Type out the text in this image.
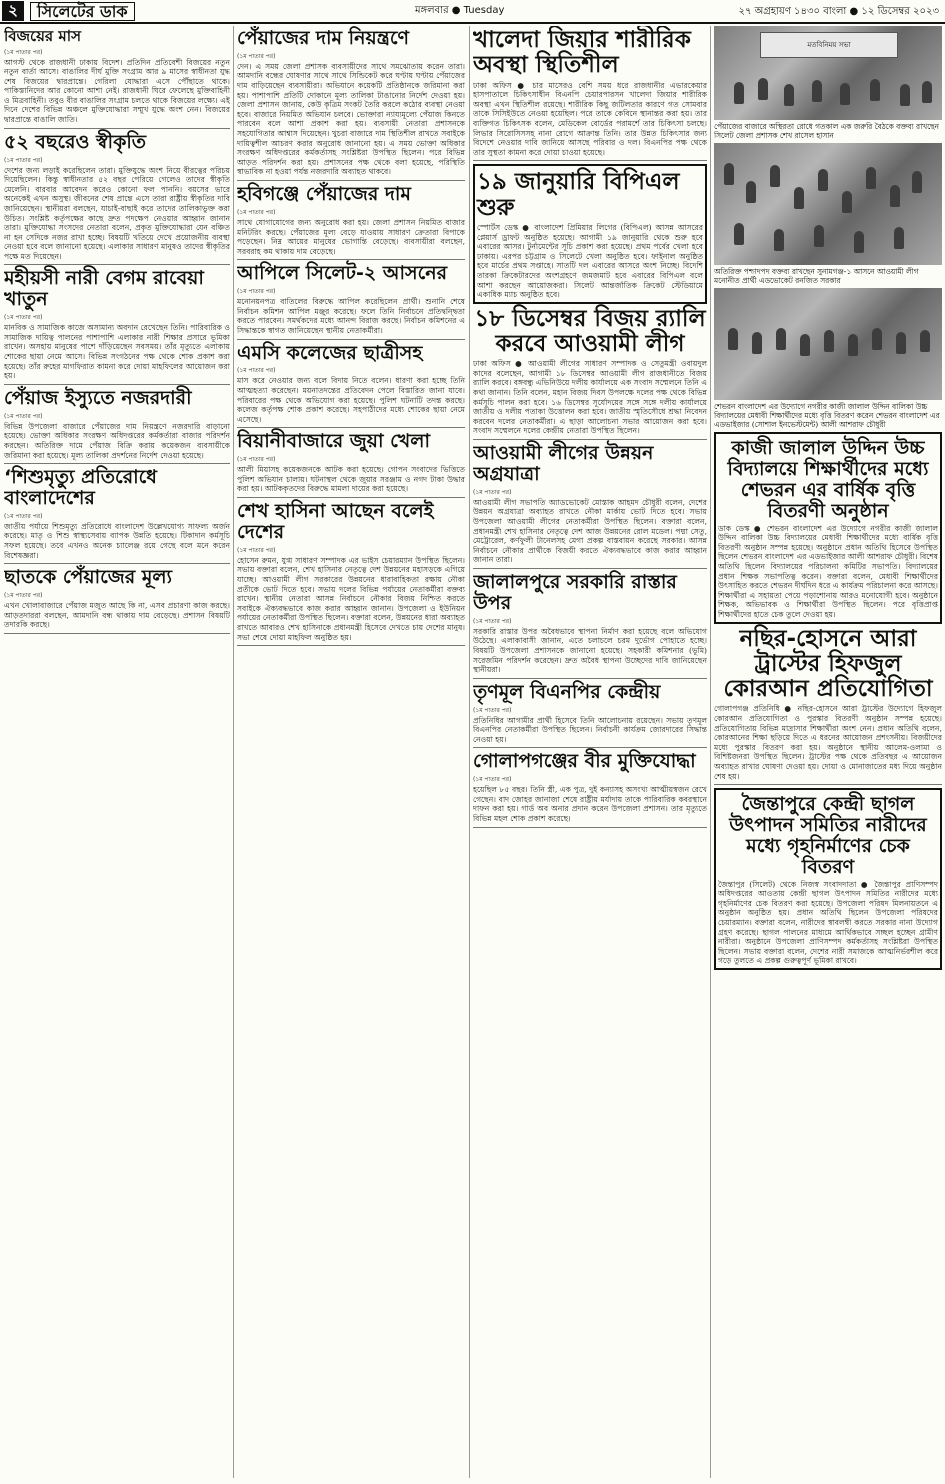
২	সিলেটের ডাক	মঙ্গলবার ● Tuesday	২৭ অগ্রহায়ণ ১৪৩০ বাংলা ● ১২ ডিসেম্বর ২০২৩
বিজয়ের মাস

(১ম পাতার পর)

আগস্ট থেকে রাজধানী ঢাকায় বিদেশ। প্রতিদিন প্রতিবেশী বিজয়ের নতুন নতুন বার্তা আসে। বাঙালির দীর্ঘ মুক্তি সংগ্রাম আর ৯ মাসের স্বাধীনতা যুদ্ধ শেষ বিজয়ের দ্বারপ্রান্তে। গেরিলা যোদ্ধারা এসে পৌঁছাতে থাকে। পাকিস্তানিদের আর কোনো আশা নেই। রাজধানী ঘিরে ফেলেছে মুক্তিবাহিনী ও মিত্রবাহিনী। তবুও বীর বাঙালির সংগ্রাম চলতে থাকে বিজয়ের লক্ষ্যে। এই দিনে দেশের বিভিন্ন অঞ্চলে মুক্তিযোদ্ধারা সম্মুখ যুদ্ধে অংশ নেন। বিজয়ের দ্বারপ্রান্তে বাঙালি জাতি।

৫২ বছরেও স্বীকৃতি

(১ম পাতার পর)

দেশের জন্য লড়াই করেছিলেন তারা। মুক্তিযুদ্ধে অংশ নিয়ে বীরত্বের পরিচয় দিয়েছিলেন। কিন্তু স্বাধীনতার ৫২ বছর পেরিয়ে গেলেও তাদের স্বীকৃতি মেলেনি। বারবার আবেদন করেও কোনো ফল পাননি। বয়সের ভারে অনেকেই এখন অসুস্থ। জীবনের শেষ প্রান্তে এসে তারা রাষ্ট্রীয় স্বীকৃতির দাবি জানিয়েছেন। স্থানীয়রা বলছেন, যাচাই-বাছাই করে তাদের তালিকাভুক্ত করা উচিত। সংশ্লিষ্ট কর্তৃপক্ষের কাছে দ্রুত পদক্ষেপ নেওয়ার আহ্বান জানান তারা। মুক্তিযোদ্ধা সংসদের নেতারা বলেন, প্রকৃত মুক্তিযোদ্ধারা যেন বঞ্চিত না হন সেদিকে নজর রাখা হচ্ছে। বিষয়টি খতিয়ে দেখে প্রয়োজনীয় ব্যবস্থা নেওয়া হবে বলে জানানো হয়েছে। এলাকার সাধারণ মানুষও তাদের স্বীকৃতির পক্ষে মত দিয়েছেন।

মহীয়সী নারী বেগম রাবেয়া খাতুন

(১ম পাতার পর)

মানবিক ও সামাজিক কাজে অসামান্য অবদান রেখেছেন তিনি। পারিবারিক ও সামাজিক দায়িত্ব পালনের পাশাপাশি এলাকার নারী শিক্ষার প্রসারে ভূমিকা রাখেন। অসহায় মানুষের পাশে দাঁড়িয়েছেন সবসময়। তাঁর মৃত্যুতে এলাকায় শোকের ছায়া নেমে আসে। বিভিন্ন সংগঠনের পক্ষ থেকে শোক প্রকাশ করা হয়েছে। তাঁর রুহের মাগফিরাত কামনা করে দোয়া মাহফিলের আয়োজন করা হয়।

পেঁয়াজ ইস্যুতে নজরদারী

(১ম পাতার পর)

বিভিন্ন উপজেলা বাজারে পেঁয়াজের দাম নিয়ন্ত্রণে নজরদারি বাড়ানো হয়েছে। ভোক্তা অধিকার সংরক্ষণ অধিদপ্তরের কর্মকর্তারা বাজার পরিদর্শন করছেন। অতিরিক্ত দামে পেঁয়াজ বিক্রি করায় কয়েকজন ব্যবসায়ীকে জরিমানা করা হয়েছে। মূল্য তালিকা প্রদর্শনের নির্দেশ দেওয়া হয়েছে।

‘শিশুমৃত্যু প্রতিরোধে বাংলাদেশের

(১ম পাতার পর)

জাতীয় পর্যায়ে শিশুমৃত্যু প্রতিরোধে বাংলাদেশ উল্লেখযোগ্য সাফল্য অর্জন করেছে। মাতৃ ও শিশু স্বাস্থ্যসেবায় ব্যাপক উন্নতি হয়েছে। টিকাদান কর্মসূচি সফল হয়েছে। তবে এখনও অনেক চ্যালেঞ্জ রয়ে গেছে বলে মনে করেন বিশেষজ্ঞরা।

ছাতকে পেঁয়াজের মূল্য

(১ম পাতার পর)

এখন খোলাবাজারে পেঁয়াজ মজুত আছে কি না, এসব প্রচারণা কাজ করছে। আড়তদাররা বলছেন, আমদানি বন্ধ থাকায় দাম বেড়েছে। প্রশাসন বিষয়টি তদারকি করছে।

পেঁয়াজের দাম নিয়ন্ত্রণে

(১ম পাতার পর)

দেন। এ সময় জেলা প্রশাসক ব্যবসায়ীদের সাথে সমঝোতায় করেন তারা। আমদানি বন্ধের ঘোষণার সাথে সাথে সিন্ডিকেট করে ঘণ্টায় ঘণ্টায় পেঁয়াজের দাম বাড়িয়েছেন ব্যবসায়ীরা। অভিযানে কয়েকটি প্রতিষ্ঠানকে জরিমানা করা হয়। পাশাপাশি প্রতিটি দোকানে মূল্য তালিকা টাঙানোর নির্দেশ দেওয়া হয়। জেলা প্রশাসন জানায়, কেউ কৃত্রিম সংকট তৈরি করলে কঠোর ব্যবস্থা নেওয়া হবে। বাজারে নিয়মিত অভিযান চলবে। ভোক্তারা ন্যায্যমূল্যে পেঁয়াজ কিনতে পারবেন বলে আশা প্রকাশ করা হয়। ব্যবসায়ী নেতারা প্রশাসনকে সহযোগিতার আশ্বাস দিয়েছেন। খুচরা বাজারে দাম স্থিতিশীল রাখতে সবাইকে দায়িত্বশীল আচরণ করার অনুরোধ জানানো হয়। এ সময় ভোক্তা অধিকার সংরক্ষণ অধিদপ্তরের কর্মকর্তাসহ সংশ্লিষ্টরা উপস্থিত ছিলেন। পরে বিভিন্ন আড়ত পরিদর্শন করা হয়। প্রশাসনের পক্ষ থেকে বলা হয়েছে, পরিস্থিতি স্বাভাবিক না হওয়া পর্যন্ত নজরদারি অব্যাহত থাকবে।

হবিগঞ্জে পেঁয়াজের দাম

(১ম পাতার পর)

সাথে যোগাযোগের জন্য অনুরোধ করা হয়। জেলা প্রশাসন নিয়মিত বাজার মনিটরিং করছে। পেঁয়াজের মূল্য বেড়ে যাওয়ায় সাধারণ ক্রেতারা বিপাকে পড়েছেন। নিম্ন আয়ের মানুষের ভোগান্তি বেড়েছে। ব্যবসায়ীরা বলছেন, সরবরাহ কম থাকায় দাম বেড়েছে।

আপিলে সিলেট-২ আসনের

(১ম পাতার পর)

মনোনয়নপত্র বাতিলের বিরুদ্ধে আপিল করেছিলেন প্রার্থী। শুনানি শেষে নির্বাচন কমিশন আপিল মঞ্জুর করেছে। ফলে তিনি নির্বাচনে প্রতিদ্বন্দ্বিতা করতে পারবেন। সমর্থকদের মধ্যে আনন্দ বিরাজ করছে। নির্বাচন কমিশনের এ সিদ্ধান্তকে স্বাগত জানিয়েছেন স্থানীয় নেতাকর্মীরা।

এমসি কলেজের ছাত্রীসহ

(১ম পাতার পর)

মাস করে নেওয়ার জন্য বলে বিদায় নিতে বলেন। ধারণা করা হচ্ছে তিনি আত্মহত্যা করেছেন। ময়নাতদন্তের প্রতিবেদন পেলে বিস্তারিত জানা যাবে। পরিবারের পক্ষ থেকে অভিযোগ করা হয়েছে। পুলিশ ঘটনাটি তদন্ত করছে। কলেজ কর্তৃপক্ষ শোক প্রকাশ করেছে। সহপাঠীদের মধ্যে শোকের ছায়া নেমে এসেছে।

বিয়ানীবাজারে জুয়া খেলা

(১ম পাতার পর)

আলী মিয়াসহ কয়েকজনকে আটক করা হয়েছে। গোপন সংবাদের ভিত্তিতে পুলিশ অভিযান চালায়। ঘটনাস্থল থেকে জুয়ার সরঞ্জাম ও নগদ টাকা উদ্ধার করা হয়। আটককৃতদের বিরুদ্ধে মামলা দায়ের করা হয়েছে।

শেখ হাসিনা আছেন বলেই দেশের

(১ম পাতার পর)

হোসেন রুমন, যুগ্ম সাধারণ সম্পাদক এর ভাইস চেয়ারম্যান উপস্থিত ছিলেন। সভায় বক্তারা বলেন, শেখ হাসিনার নেতৃত্বে দেশ উন্নয়নের মহাসড়কে এগিয়ে যাচ্ছে। আওয়ামী লীগ সরকারের উন্নয়নের ধারাবাহিকতা রক্ষায় নৌকা প্রতীকে ভোট দিতে হবে। সভায় দলের বিভিন্ন পর্যায়ের নেতাকর্মীরা বক্তব্য রাখেন। স্থানীয় নেতারা আসন্ন নির্বাচনে নৌকার বিজয় নিশ্চিত করতে সবাইকে ঐক্যবদ্ধভাবে কাজ করার আহ্বান জানান। উপজেলা ও ইউনিয়ন পর্যায়ের নেতাকর্মীরা উপস্থিত ছিলেন। বক্তারা বলেন, উন্নয়নের ধারা অব্যাহত রাখতে আবারও শেখ হাসিনাকে প্রধানমন্ত্রী হিসেবে দেখতে চায় দেশের মানুষ। সভা শেষে দোয়া মাহফিল অনুষ্ঠিত হয়।

খালেদা জিয়ার শারীরিক অবস্থা স্থিতিশীল

ঢাকা অফিস ● চার মাসেরও বেশি সময় ধরে রাজধানীর এভারকেয়ার হাসপাতালে চিকিৎসাধীন বিএনপি চেয়ারপারসন খালেদা জিয়ার শারীরিক অবস্থা এখন স্থিতিশীল রয়েছে। শারীরিক কিছু জটিলতার কারণে গত সোমবার তাকে সিসিইউতে নেওয়া হয়েছিল। পরে তাকে কেবিনে স্থানান্তর করা হয়। তার ব্যক্তিগত চিকিৎসক বলেন, মেডিকেল বোর্ডের পরামর্শে তার চিকিৎসা চলছে। লিভার সিরোসিসসহ নানা রোগে আক্রান্ত তিনি। তার উন্নত চিকিৎসার জন্য বিদেশে নেওয়ার দাবি জানিয়ে আসছে পরিবার ও দল। বিএনপির পক্ষ থেকে তার সুস্থতা কামনা করে দোয়া চাওয়া হয়েছে।

১৯ জানুয়ারি বিপিএল শুরু

স্পোর্টস ডেস্ক ● বাংলাদেশ প্রিমিয়ার লিগের (বিপিএল) আসন্ন আসরের প্লেয়ার্স ড্রাফট অনুষ্ঠিত হয়েছে। আগামী ১৯ জানুয়ারি থেকে শুরু হবে এবারের আসর। টুর্নামেন্টের সূচি প্রকাশ করা হয়েছে। প্রথম পর্বের খেলা হবে ঢাকায়। এরপর চট্টগ্রাম ও সিলেটে খেলা অনুষ্ঠিত হবে। ফাইনাল অনুষ্ঠিত হবে মার্চের প্রথম সপ্তাহে। সাতটি দল এবারের আসরে অংশ নিচ্ছে। বিদেশি তারকা ক্রিকেটারদের অংশগ্রহণে জমজমাট হবে এবারের বিপিএল বলে আশা করছেন আয়োজকরা। সিলেট আন্তর্জাতিক ক্রিকেট স্টেডিয়ামে একাধিক ম্যাচ অনুষ্ঠিত হবে।

১৮ ডিসেম্বর বিজয় র‍্যালি করবে আওয়ামী লীগ

ঢাকা অফিস ● আওয়ামী লীগের সাধারণ সম্পাদক ও সেতুমন্ত্রী ওবায়দুল কাদের বলেছেন, আগামী ১৮ ডিসেম্বর আওয়ামী লীগ রাজধানীতে বিজয় র‍্যালি করবে। বঙ্গবন্ধু এভিনিউয়ে দলীয় কার্যালয়ে এক সংবাদ সম্মেলনে তিনি এ কথা জানান। তিনি বলেন, মহান বিজয় দিবস উপলক্ষে দলের পক্ষ থেকে বিভিন্ন কর্মসূচি পালন করা হবে। ১৬ ডিসেম্বর সূর্যোদয়ের সঙ্গে সঙ্গে দলীয় কার্যালয়ে জাতীয় ও দলীয় পতাকা উত্তোলন করা হবে। জাতীয় স্মৃতিসৌধে শ্রদ্ধা নিবেদন করবেন দলের নেতাকর্মীরা। এ ছাড়া আলোচনা সভার আয়োজন করা হবে। সংবাদ সম্মেলনে দলের কেন্দ্রীয় নেতারা উপস্থিত ছিলেন।

আওয়ামী লীগের উন্নয়ন অগ্রযাত্রা

(১ম পাতার পর)

আওয়ামী লীগ সভাপতি অ্যাডভোকেট মোস্তাক আহমদ চৌধুরী বলেন, দেশের উন্নয়ন অগ্রযাত্রা অব্যাহত রাখতে নৌকা মার্কায় ভোট দিতে হবে। সভায় উপজেলা আওয়ামী লীগের নেতাকর্মীরা উপস্থিত ছিলেন। বক্তারা বলেন, প্রধানমন্ত্রী শেখ হাসিনার নেতৃত্বে দেশ আজ উন্নয়নের রোল মডেল। পদ্মা সেতু, মেট্রোরেল, কর্ণফুলী টানেলসহ মেগা প্রকল্প বাস্তবায়ন করেছে সরকার। আসন্ন নির্বাচনে নৌকার প্রার্থীকে বিজয়ী করতে ঐক্যবদ্ধভাবে কাজ করার আহ্বান জানান তারা।

জালালপুরে সরকারি রাস্তার উপর

(১ম পাতার পর)

সরকারি রাস্তার উপর অবৈধভাবে স্থাপনা নির্মাণ করা হয়েছে বলে অভিযোগ উঠেছে। এলাকাবাসী জানান, এতে চলাচলে চরম দুর্ভোগ পোহাতে হচ্ছে। বিষয়টি উপজেলা প্রশাসনকে জানানো হয়েছে। সহকারী কমিশনার (ভূমি) সরেজমিন পরিদর্শন করেছেন। দ্রুত অবৈধ স্থাপনা উচ্ছেদের দাবি জানিয়েছেন স্থানীয়রা।

তৃণমূল বিএনপির কেন্দ্রীয়

(১ম পাতার পর)

প্রতিনিধির আগামীর প্রার্থী হিসেবে তিনি আলোচনায় রয়েছেন। সভায় তৃণমূল বিএনপির নেতাকর্মীরা উপস্থিত ছিলেন। নির্বাচনী কার্যক্রম জোরদারের সিদ্ধান্ত নেওয়া হয়।

গোলাপগঞ্জের বীর মুক্তিযোদ্ধা

(১ম পাতার পর)

হয়েছিল ৮৫ বছর। তিনি স্ত্রী, এক পুত্র, দুই কন্যাসহ অসংখ্য আত্মীয়স্বজন রেখে গেছেন। বাদ জোহর জানাজা শেষে রাষ্ট্রীয় মর্যাদায় তাকে পারিবারিক কবরস্থানে দাফন করা হয়। গার্ড অব অনার প্রদান করেন উপজেলা প্রশাসন। তার মৃত্যুতে বিভিন্ন মহল শোক প্রকাশ করেছে।

মতবিনিময় সভা

পেঁয়াজের বাজারে অস্থিরতা রোধে গতকাল এক জরুরি বৈঠকে বক্তব্য রাখছেন সিলেট জেলা প্রশাসক শেখ রাসেল হাসান

অতিরিক্ত পশ্চাদপদ বক্তব্য রাখছেন সুনামগঞ্জ-১ আসনে আওয়ামী লীগ মনোনীত প্রার্থী এডভোকেট রনজিত সরকার

শেভরন বাংলাদেশ এর উদ্যোগে নগরীর কাজী জালাল উদ্দিন বালিকা উচ্চ বিদ্যালয়ের মেধাবী শিক্ষার্থীদের মধ্যে বৃত্তি বিতরণ করেন শেভরন বাংলাদেশ এর এডভাইজার (সোশাল ইনভেস্টমেন্ট) আলী আশরাফ চৌধুরী

কাজী জালাল উদ্দিন উচ্চ বিদ্যালয়ে শিক্ষার্থীদের মধ্যে শেভরন এর বার্ষিক বৃত্তি বিতরণী অনুষ্ঠান

ডাক ডেস্ক ● শেভরন বাংলাদেশ এর উদ্যোগে নগরীর কাজী জালাল উদ্দিন বালিকা উচ্চ বিদ্যালয়ের মেধাবী শিক্ষার্থীদের মধ্যে বার্ষিক বৃত্তি বিতরণী অনুষ্ঠান সম্পন্ন হয়েছে। অনুষ্ঠানে প্রধান অতিথি হিসেবে উপস্থিত ছিলেন শেভরন বাংলাদেশ এর এডভাইজার আলী আশরাফ চৌধুরী। বিশেষ অতিথি ছিলেন বিদ্যালয়ের পরিচালনা কমিটির সভাপতি। বিদ্যালয়ের প্রধান শিক্ষক সভাপতিত্ব করেন। বক্তারা বলেন, মেধাবী শিক্ষার্থীদের উৎসাহিত করতে শেভরন দীর্ঘদিন ধরে এ কার্যক্রম পরিচালনা করে আসছে। শিক্ষার্থীরা এ সহায়তা পেয়ে পড়াশোনায় আরও মনোযোগী হবে। অনুষ্ঠানে শিক্ষক, অভিভাবক ও শিক্ষার্থীরা উপস্থিত ছিলেন। পরে বৃত্তিপ্রাপ্ত শিক্ষার্থীদের হাতে চেক তুলে দেওয়া হয়।

নছির-হোসনে আরা ট্রাস্টের হিফজুল কোরআন প্রতিযোগিতা

গোলাপগঞ্জ প্রতিনিধি ● নছির-হোসনে আরা ট্রাস্টের উদ্যোগে হিফজুল কোরআন প্রতিযোগিতা ও পুরস্কার বিতরণী অনুষ্ঠান সম্পন্ন হয়েছে। প্রতিযোগিতায় বিভিন্ন মাদ্রাসার শিক্ষার্থীরা অংশ নেন। প্রধান অতিথি বলেন, কোরআনের শিক্ষা ছড়িয়ে দিতে এ ধরনের আয়োজন প্রশংসনীয়। বিজয়ীদের মধ্যে পুরস্কার বিতরণ করা হয়। অনুষ্ঠানে স্থানীয় আলেম-ওলামা ও বিশিষ্টজনরা উপস্থিত ছিলেন। ট্রাস্টের পক্ষ থেকে প্রতিবছর এ আয়োজন অব্যাহত রাখার ঘোষণা দেওয়া হয়। দোয়া ও মোনাজাতের মধ্য দিয়ে অনুষ্ঠান শেষ হয়।

জৈন্তাপুরে কেন্দ্রী ছাগল উৎপাদন সমিতির নারীদের মধ্যে গৃহনির্মাণের চেক বিতরণ

জৈন্তাপুর (সিলেট) থেকে নিজস্ব সংবাদদাতা ● জৈন্তাপুর প্রাণিসম্পদ অধিদপ্তরের আওতায় কেন্দ্রী ছাগল উৎপাদন সমিতির নারীদের মধ্যে গৃহনির্মাণের চেক বিতরণ করা হয়েছে। উপজেলা পরিষদ মিলনায়তনে এ অনুষ্ঠান অনুষ্ঠিত হয়। প্রধান অতিথি ছিলেন উপজেলা পরিষদের চেয়ারম্যান। বক্তারা বলেন, নারীদের স্বাবলম্বী করতে সরকার নানা উদ্যোগ গ্রহণ করেছে। ছাগল পালনের মাধ্যমে আর্থিকভাবে সচ্ছল হচ্ছেন গ্রামীণ নারীরা। অনুষ্ঠানে উপজেলা প্রাণিসম্পদ কর্মকর্তাসহ সংশ্লিষ্টরা উপস্থিত ছিলেন। সভায় বক্তারা বলেন, দেশের নারী সমাজকে আত্মনির্ভরশীল করে গড়ে তুলতে এ প্রকল্প গুরুত্বপূর্ণ ভূমিকা রাখবে।
